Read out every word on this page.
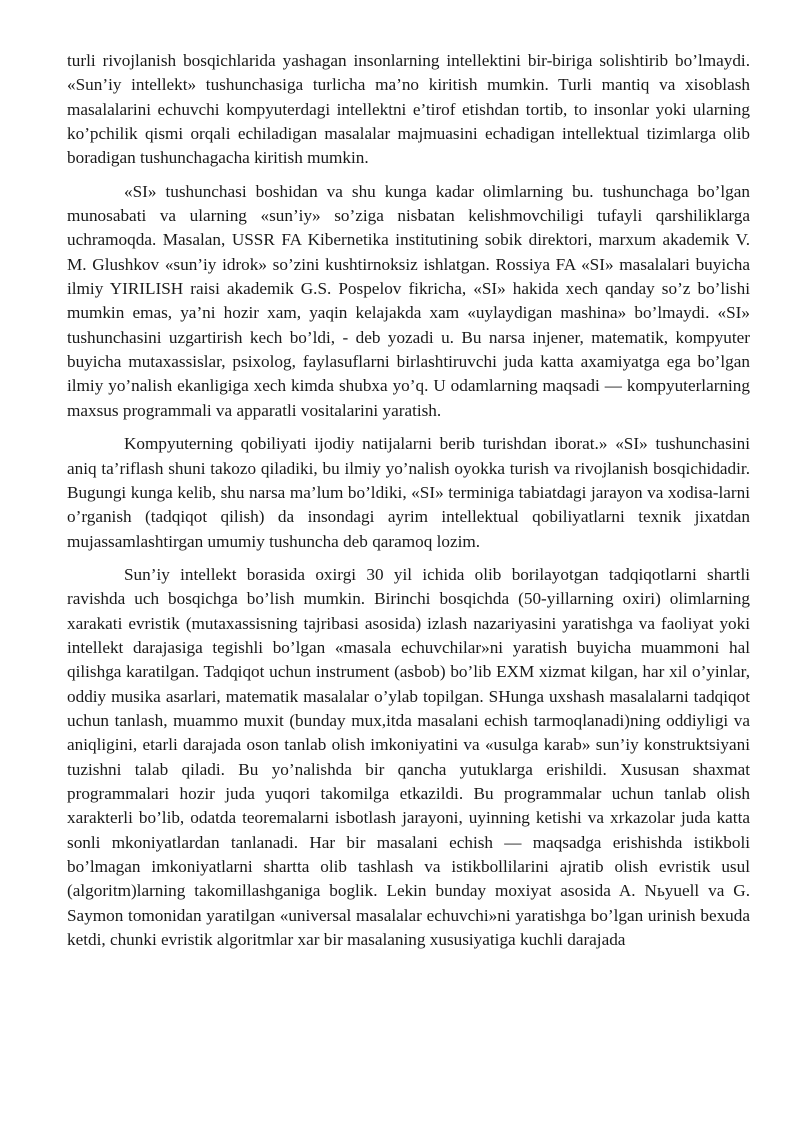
turli rivojlanish bosqichlarida yashagan insonlarning intellektini bir-biriga solishtirib bo’lmaydi. «Sun’iy intellekt» tushunchasiga turlicha ma’no kiritish mumkin. Turli mantiq va xisoblash masalalarini echuvchi kompyuterdagi intellektni e’tirof etishdan tortib, to insonlar yoki ularning ko’pchilik qismi orqali echiladigan masalalar majmuasini echadigan intellektual tizimlarga olib boradigan tushunchagacha kiritish mumkin.

«SI» tushunchasi boshidan va shu kunga kadar olimlarning bu. tushunchaga bo’lgan munosabati va ularning «sun’iy» so’ziga nisbatan kelishmovchiligi tufayli qarshiliklarga uchramoqda. Masalan, USSR FA Kibernetika institutining sobik direktori, marxum akademik V. M. Glushkov «sun’iy idrok» so’zini kushtirnoksiz ishlatgan. Rossiya FA «SI» masalalari buyicha ilmiy YIRILISH raisi akademik G.S. Pospelov fikricha, «SI» hakida xech qanday so’z bo’lishi mumkin emas, ya’ni hozir xam, yaqin kelajakda xam «uylaydigan mashina» bo’lmaydi. «SI» tushunchasini uzgartirish kech bo’ldi, - deb yozadi u. Bu narsa injener, matematik, kompyuter buyicha mutaxassislar, psixolog, faylasuflarni birlashtiruvchi juda katta axamiyatga ega bo’lgan ilmiy yo’nalish ekanligiga xech kimda shubxa yo’q. U odamlarning maqsadi — kompyuterlarning maxsus programmali va apparatli vositalarini yaratish.

Kompyuterning qobiliyati ijodiy natijalarni berib turishdan iborat.» «SI» tushunchasini aniq ta’riflash shuni takozo qiladiki, bu ilmiy yo’nalish oyokka turish va rivojlanish bosqichidadir. Bugungi kunga kelib, shu narsa ma’lum bo’ldiki, «SI» terminiga tabiatdagi jarayon va xodisa-larni o’rganish (tadqiqot qilish) da insondagi ayrim intellektual qobiliyatlarni texnik jixatdan mujassamlashtirgan umumiy tushuncha deb qaramoq lozim.

Sun’iy intellekt borasida oxirgi 30 yil ichida olib borilayotgan tadqiqotlarni shartli ravishda uch bosqichga bo’lish mumkin. Birinchi bosqichda (50-yillarning oxiri) olimlarning xarakati evristik (mutaxassisning tajribasi asosida) izlash nazariyasini yaratishga va faoliyat yoki intellekt darajasiga tegishli bo’lgan «masala echuvchilar»ni yaratish buyicha muammoni hal qilishga karatilgan. Tadqiqot uchun instrument (asbob) bo’lib EXM xizmat kilgan, har xil o’yinlar, oddiy musika asarlari, matematik masalalar o’ylab topilgan. SHunga uxshash masalalarni tadqiqot uchun tanlash, muammo muxit (bunday mux,itda masalani echish tarmoqlanadi)ning oddiyligi va aniqligini, etarli darajada oson tanlab olish imkoniyatini va «usulga karab» sun’iy konstruktsiyani tuzishni talab qiladi. Bu yo’nalishda bir qancha yutuklarga erishildi. Xususan shaxmat programmalari hozir juda yuqori takomilga etkazildi. Bu programmalar uchun tanlab olish xarakterli bo’lib, odatda teoremalarni isbotlash jarayoni, uyinning ketishi va xrkazolar juda katta sonli mkoniyatlardan tanlanadi. Har bir masalani echish — maqsadga erishishda istikboli bo’lmagan imkoniyatlarni shartta olib tashlash va istikbollilarini ajratib olish evristik usul (algoritm)larning takomillashganiga boglik. Lekin bunday moxiyat asosida A. Nьyuell va G. Saymon tomonidan yaratilgan «universal masalalar echuvchi»ni yaratishga bo’lgan urinish bexuda ketdi, chunki evristik algoritmlar xar bir masalaning xususiyatiga kuchli darajada
